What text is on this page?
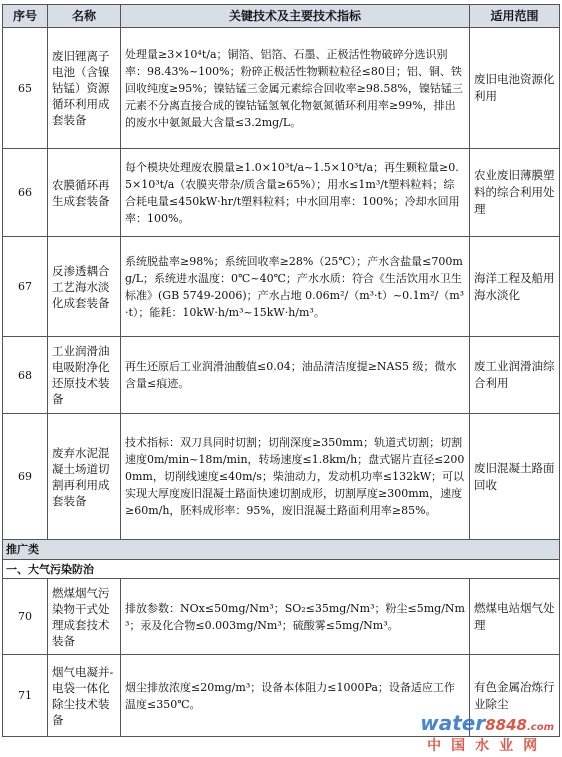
序号	名称	关键技术及主要技术指标	适用范围
65	废旧锂离子电池（含镍钴锰）资源循环利用成套装备	处理量≥3×10⁴t/a；铜箔、铝箔、石墨、正极活性物破碎分选识别率：98.43%~100%；粉碎正极活性物颗粒粒径≤80目；铝、铜、铁回收纯度≥95%；镍钴锰三金属元素综合回收率≥98.58%，镍钴锰三元素不分离直接合成的镍钴锰氢氧化物氨氮循环利用率≥99%，排出的废水中氨氮最大含量≤3.2mg/L。	废旧电池资源化利用
66	农膜循环再生成套装备	每个模块处理废农膜量≥1.0×10³t/a~1.5×10³t/a；再生颗粒量≥0.5×10³t/a（农膜夹带杂/质含量≥65%）；用水≤1m³/t塑料粒料；综合耗电量≤450kW·hr/t塑料粒料；中水回用率：100%；冷却水回用率：100%。	农业废旧薄膜塑料的综合利用处理
67	反渗透耦合工艺海水淡化成套装备	系统脱盐率≥98%；系统回收率≥28%（25℃）；产水含盐量≤700mg/L；系统进水温度：0℃~40℃；产水水质：符合《生活饮用水卫生标准》(GB 5749-2006)；产水占地 0.06m²/（m³·t）~0.1m²/（m³·t）；能耗：10kW·h/m³~15kW·h/m³。	海洋工程及船用海水淡化
68	工业润滑油电吸附净化还原技术装备	再生还原后工业润滑油酸值≤0.04；油品清洁度提≥NAS5 级；微水含量≤痕迹。	废工业润滑油综合利用
69	废弃水泥混凝土场道切割再利用成套装备	技术指标：双刀具同时切割；切削深度≥350mm；轨道式切割；切割速度0m/min~18m/min，转场速度≤1.8km/h；盘式锯片直径≤2000mm，切削线速度≤40m/s；柴油动力，发动机功率≤132kW；可以实现大厚度废旧混凝土路面快速切割成形，切割厚度≥300mm，速度≥60m/h，胚料成形率：95%，废旧混凝土路面利用率≥85%。	废旧混凝土路面回收
推广类			
一、大气污染防治			
70	燃煤烟气污染物干式处理成套技术装备	排放参数：NOx≤50mg/Nm³；SO₂≤35mg/Nm³；粉尘≤5mg/Nm³；汞及化合物≤0.003mg/Nm³；硫酸雾≤5mg/Nm³。	燃煤电站烟气处理
71	烟气电凝并-电袋一体化除尘技术装备	烟尘排放浓度≤20mg/m³；设备本体阻力≤1000Pa；设备适应工作温度≤350℃。	有色金属冶炼行业除尘
water8848.com
中国水业网
